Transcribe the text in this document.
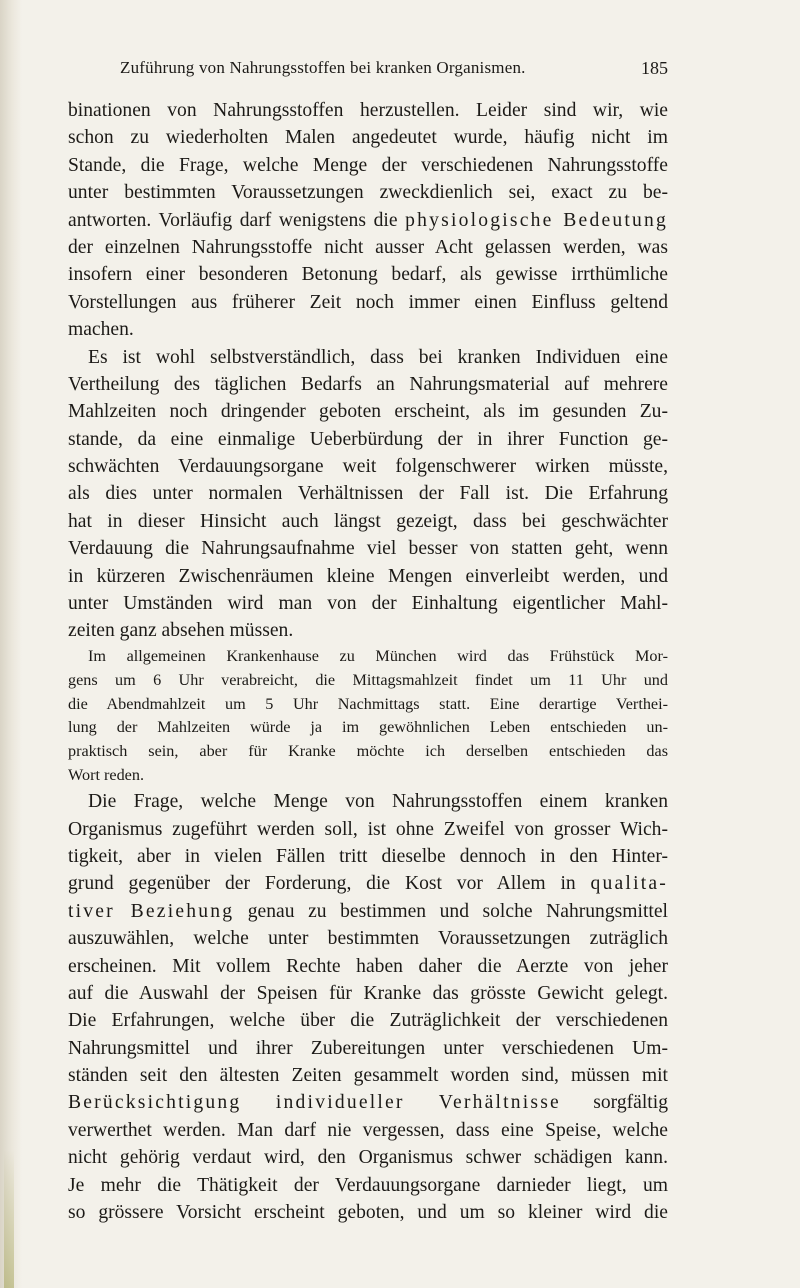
Zuführung von Nahrungsstoffen bei kranken Organismen.	185
binationen von Nahrungsstoffen herzustellen. Leider sind wir, wie
schon zu wiederholten Malen angedeutet wurde, häufig nicht im
Stande, die Frage, welche Menge der verschiedenen Nahrungsstoffe
unter bestimmten Voraussetzungen zweckdienlich sei, exact zu be-
antworten. Vorläufig darf wenigstens die physiologische Bedeutung
der einzelnen Nahrungsstoffe nicht ausser Acht gelassen werden, was
insofern einer besonderen Betonung bedarf, als gewisse irrthümliche
Vorstellungen aus früherer Zeit noch immer einen Einfluss geltend
machen.
Es ist wohl selbstverständlich, dass bei kranken Individuen eine
Vertheilung des täglichen Bedarfs an Nahrungsmaterial auf mehrere
Mahlzeiten noch dringender geboten erscheint, als im gesunden Zu-
stande, da eine einmalige Ueberbürdung der in ihrer Function ge-
schwächten Verdauungsorgane weit folgenschwerer wirken müsste,
als dies unter normalen Verhältnissen der Fall ist. Die Erfahrung
hat in dieser Hinsicht auch längst gezeigt, dass bei geschwächter
Verdauung die Nahrungsaufnahme viel besser von statten geht, wenn
in kürzeren Zwischenräumen kleine Mengen einverleibt werden, und
unter Umständen wird man von der Einhaltung eigentlicher Mahl-
zeiten ganz absehen müssen.
Im allgemeinen Krankenhause zu München wird das Frühstück Mor-
gens um 6 Uhr verabreicht, die Mittagsmahlzeit findet um 11 Uhr und
die Abendmahlzeit um 5 Uhr Nachmittags statt. Eine derartige Verthei-
lung der Mahlzeiten würde ja im gewöhnlichen Leben entschieden un-
praktisch sein, aber für Kranke möchte ich derselben entschieden das
Wort reden.
Die Frage, welche Menge von Nahrungsstoffen einem kranken
Organismus zugeführt werden soll, ist ohne Zweifel von grosser Wich-
tigkeit, aber in vielen Fällen tritt dieselbe dennoch in den Hinter-
grund gegenüber der Forderung, die Kost vor Allem in qualita-
tiver Beziehung genau zu bestimmen und solche Nahrungsmittel
auszuwählen, welche unter bestimmten Voraussetzungen zuträglich
erscheinen. Mit vollem Rechte haben daher die Aerzte von jeher
auf die Auswahl der Speisen für Kranke das grösste Gewicht gelegt.
Die Erfahrungen, welche über die Zuträglichkeit der verschiedenen
Nahrungsmittel und ihrer Zubereitungen unter verschiedenen Um-
ständen seit den ältesten Zeiten gesammelt worden sind, müssen mit
Berücksichtigung individueller Verhältnisse sorgfältig
verwerthet werden. Man darf nie vergessen, dass eine Speise, welche
nicht gehörig verdaut wird, den Organismus schwer schädigen kann.
Je mehr die Thätigkeit der Verdauungsorgane darnieder liegt, um
so grössere Vorsicht erscheint geboten, und um so kleiner wird die
